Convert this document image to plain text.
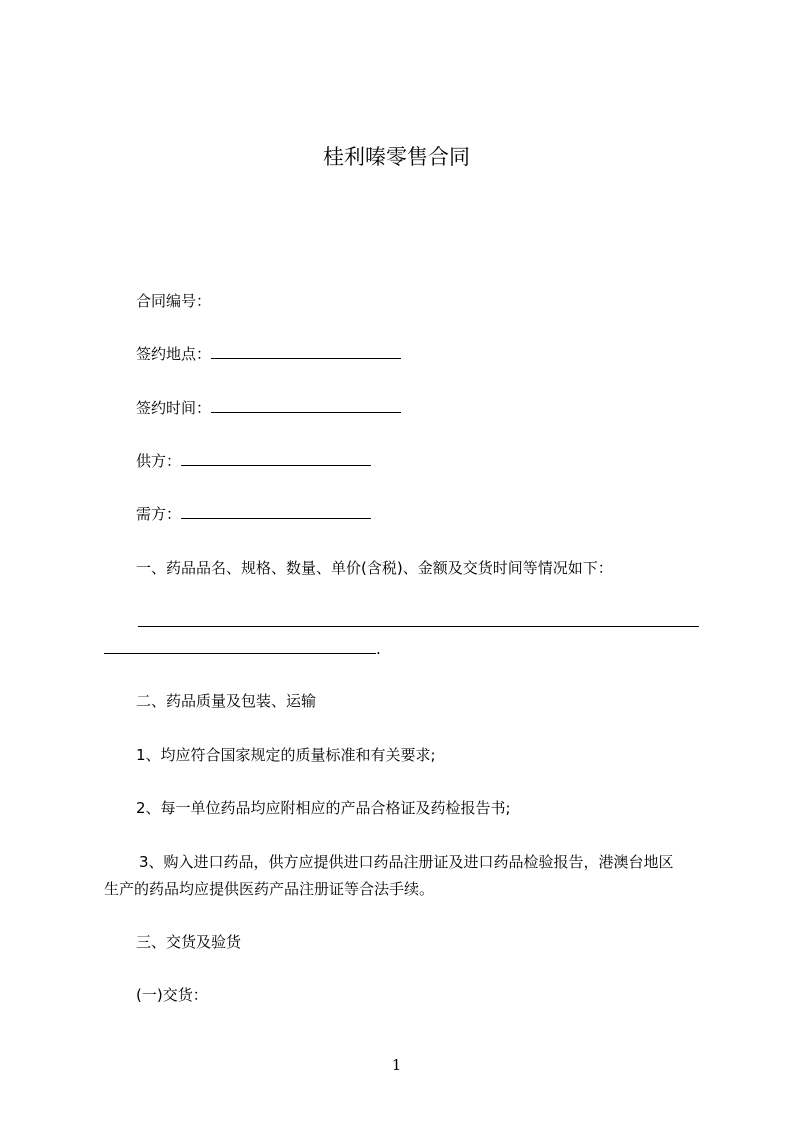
桂利嗪零售合同
合同编号：
签约地点：
签约时间：
供方：
需方：
一、药品品名、规格、数量、单价(含税)、金额及交货时间等情况如下：
.
二、药品质量及包装、运输
1、均应符合国家规定的质量标准和有关要求;
2、每一单位药品均应附相应的产品合格证及药检报告书;
3、购入进口药品，供方应提供进口药品注册证及进口药品检验报告，港澳台地区
生产的药品均应提供医药产品注册证等合法手续。
三、交货及验货
(一)交货：
1
